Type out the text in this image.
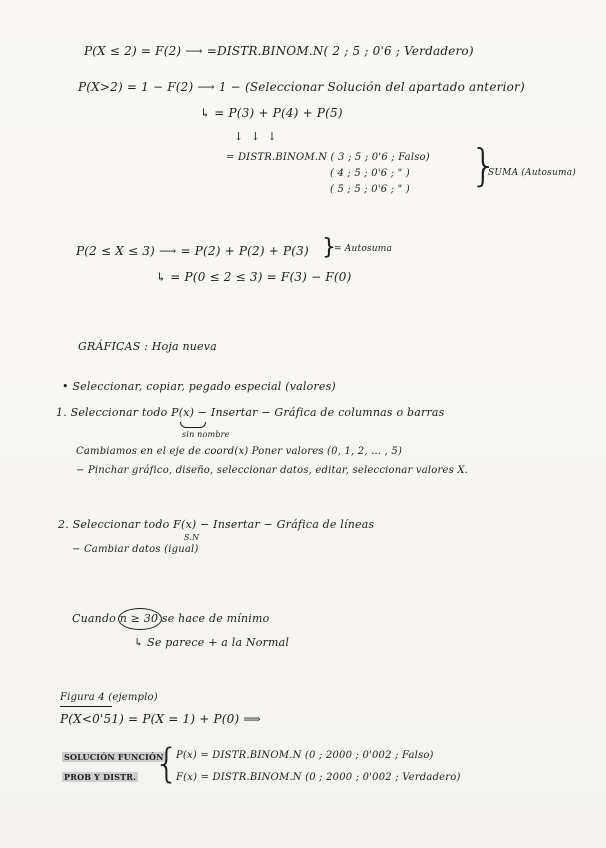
P(X ≤ 2) = F(2) ⟶ =DISTR.BINOM.N( 2 ; 5 ; 0'6 ; Verdadero)
P(X>2) = 1 − F(2) ⟶ 1 − (Seleccionar Solución del apartado anterior)
↳ = P(3) + P(4) + P(5)
↓ ↓ ↓
= DISTR.BINOM.N ( 3 ; 5 ; 0'6 ; Falso)
( 4 ; 5 ; 0'6 ; " )
( 5 ; 5 ; 0'6 ; " ) }
SUMA (Autosuma)
P(2 ≤ X ≤ 3) ⟶ = P(2) + P(2) + P(3) }
= Autosuma
↳ = P(0 ≤ 2 ≤ 3) = F(3) − F(0)
GRÁFICAS : Hoja nueva
• Seleccionar, copiar, pegado especial (valores)
1. Seleccionar todo P(x) − Insertar − Gráfica de columnas o barras
sin nombre
Cambiamos en el eje de coord(x) Poner valores (0, 1, 2, ... , 5)
− Pinchar gráfico, diseño, seleccionar datos, editar, seleccionar valores X.
2. Seleccionar todo F(x) − Insertar − Gráfica de líneas
S.N
− Cambiar datos (igual)
Cuando n ≥ 30 se hace de mínimo
↳ Se parece + a la Normal
Figura 4 (ejemplo)
P(X<0'51) = P(X = 1) + P(0) ⟹
SOLUCIÓN FUNCIÓN
PROB Y DISTR. {
P(x) = DISTR.BINOM.N (0 ; 2000 ; 0'002 ; Falso)
F(x) = DISTR.BINOM.N (0 ; 2000 ; 0'002 ; Verdadero)
